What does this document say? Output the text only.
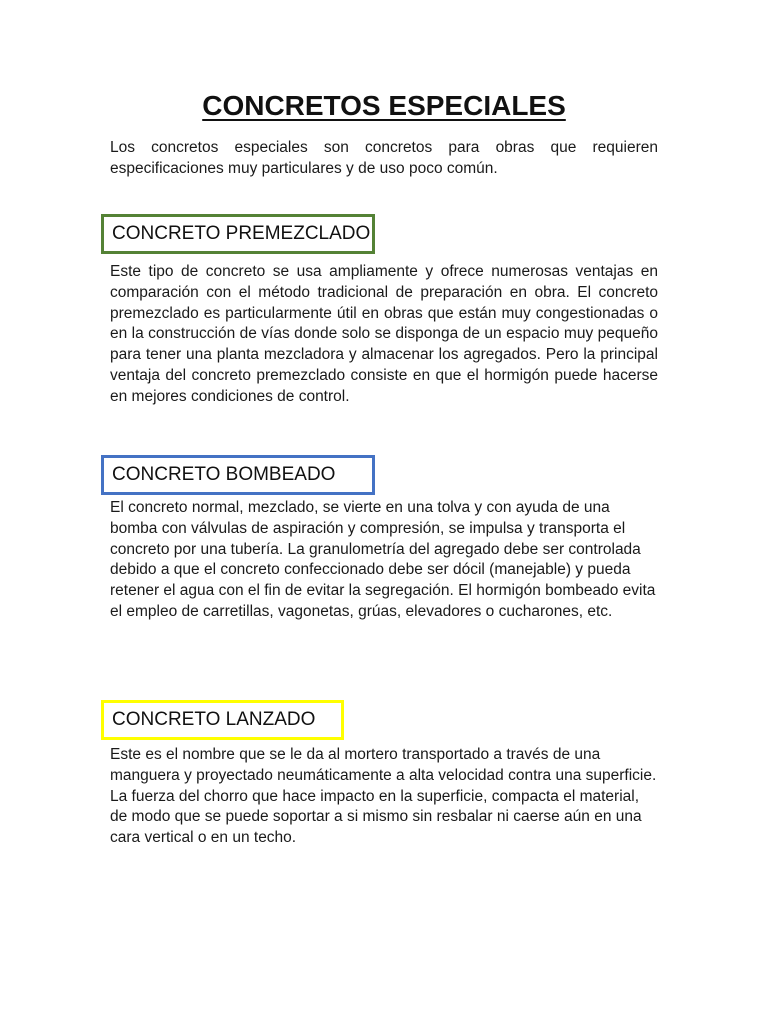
CONCRETOS ESPECIALES

Los concretos especiales son concretos para obras que requieren especificaciones muy particulares y de uso poco común.

CONCRETO PREMEZCLADO

Este tipo de concreto se usa ampliamente y ofrece numerosas ventajas en comparación con el método tradicional de preparación en obra. El concreto premezclado es particularmente útil en obras que están muy congestionadas o en la construcción de vías donde solo se disponga de un espacio muy pequeño para tener una planta mezcladora y almacenar los agregados. Pero la principal ventaja del concreto premezclado consiste en que el hormigón puede hacerse en mejores condiciones de control.

CONCRETO BOMBEADO

El concreto normal, mezclado, se vierte en una tolva y con ayuda de una bomba con válvulas de aspiración y compresión, se impulsa y transporta el concreto por una tubería. La granulometría del agregado debe ser controlada debido a que el concreto confeccionado debe ser dócil (manejable) y pueda retener el agua con el fin de evitar la segregación. El hormigón bombeado evita el empleo de carretillas, vagonetas, grúas, elevadores o cucharones, etc.

CONCRETO LANZADO

Este es el nombre que se le da al mortero transportado a través de una manguera y proyectado neumáticamente a alta velocidad contra una superficie. La fuerza del chorro que hace impacto en la superficie, compacta el material, de modo que se puede soportar a si mismo sin resbalar ni caerse aún en una cara vertical o en un techo.
